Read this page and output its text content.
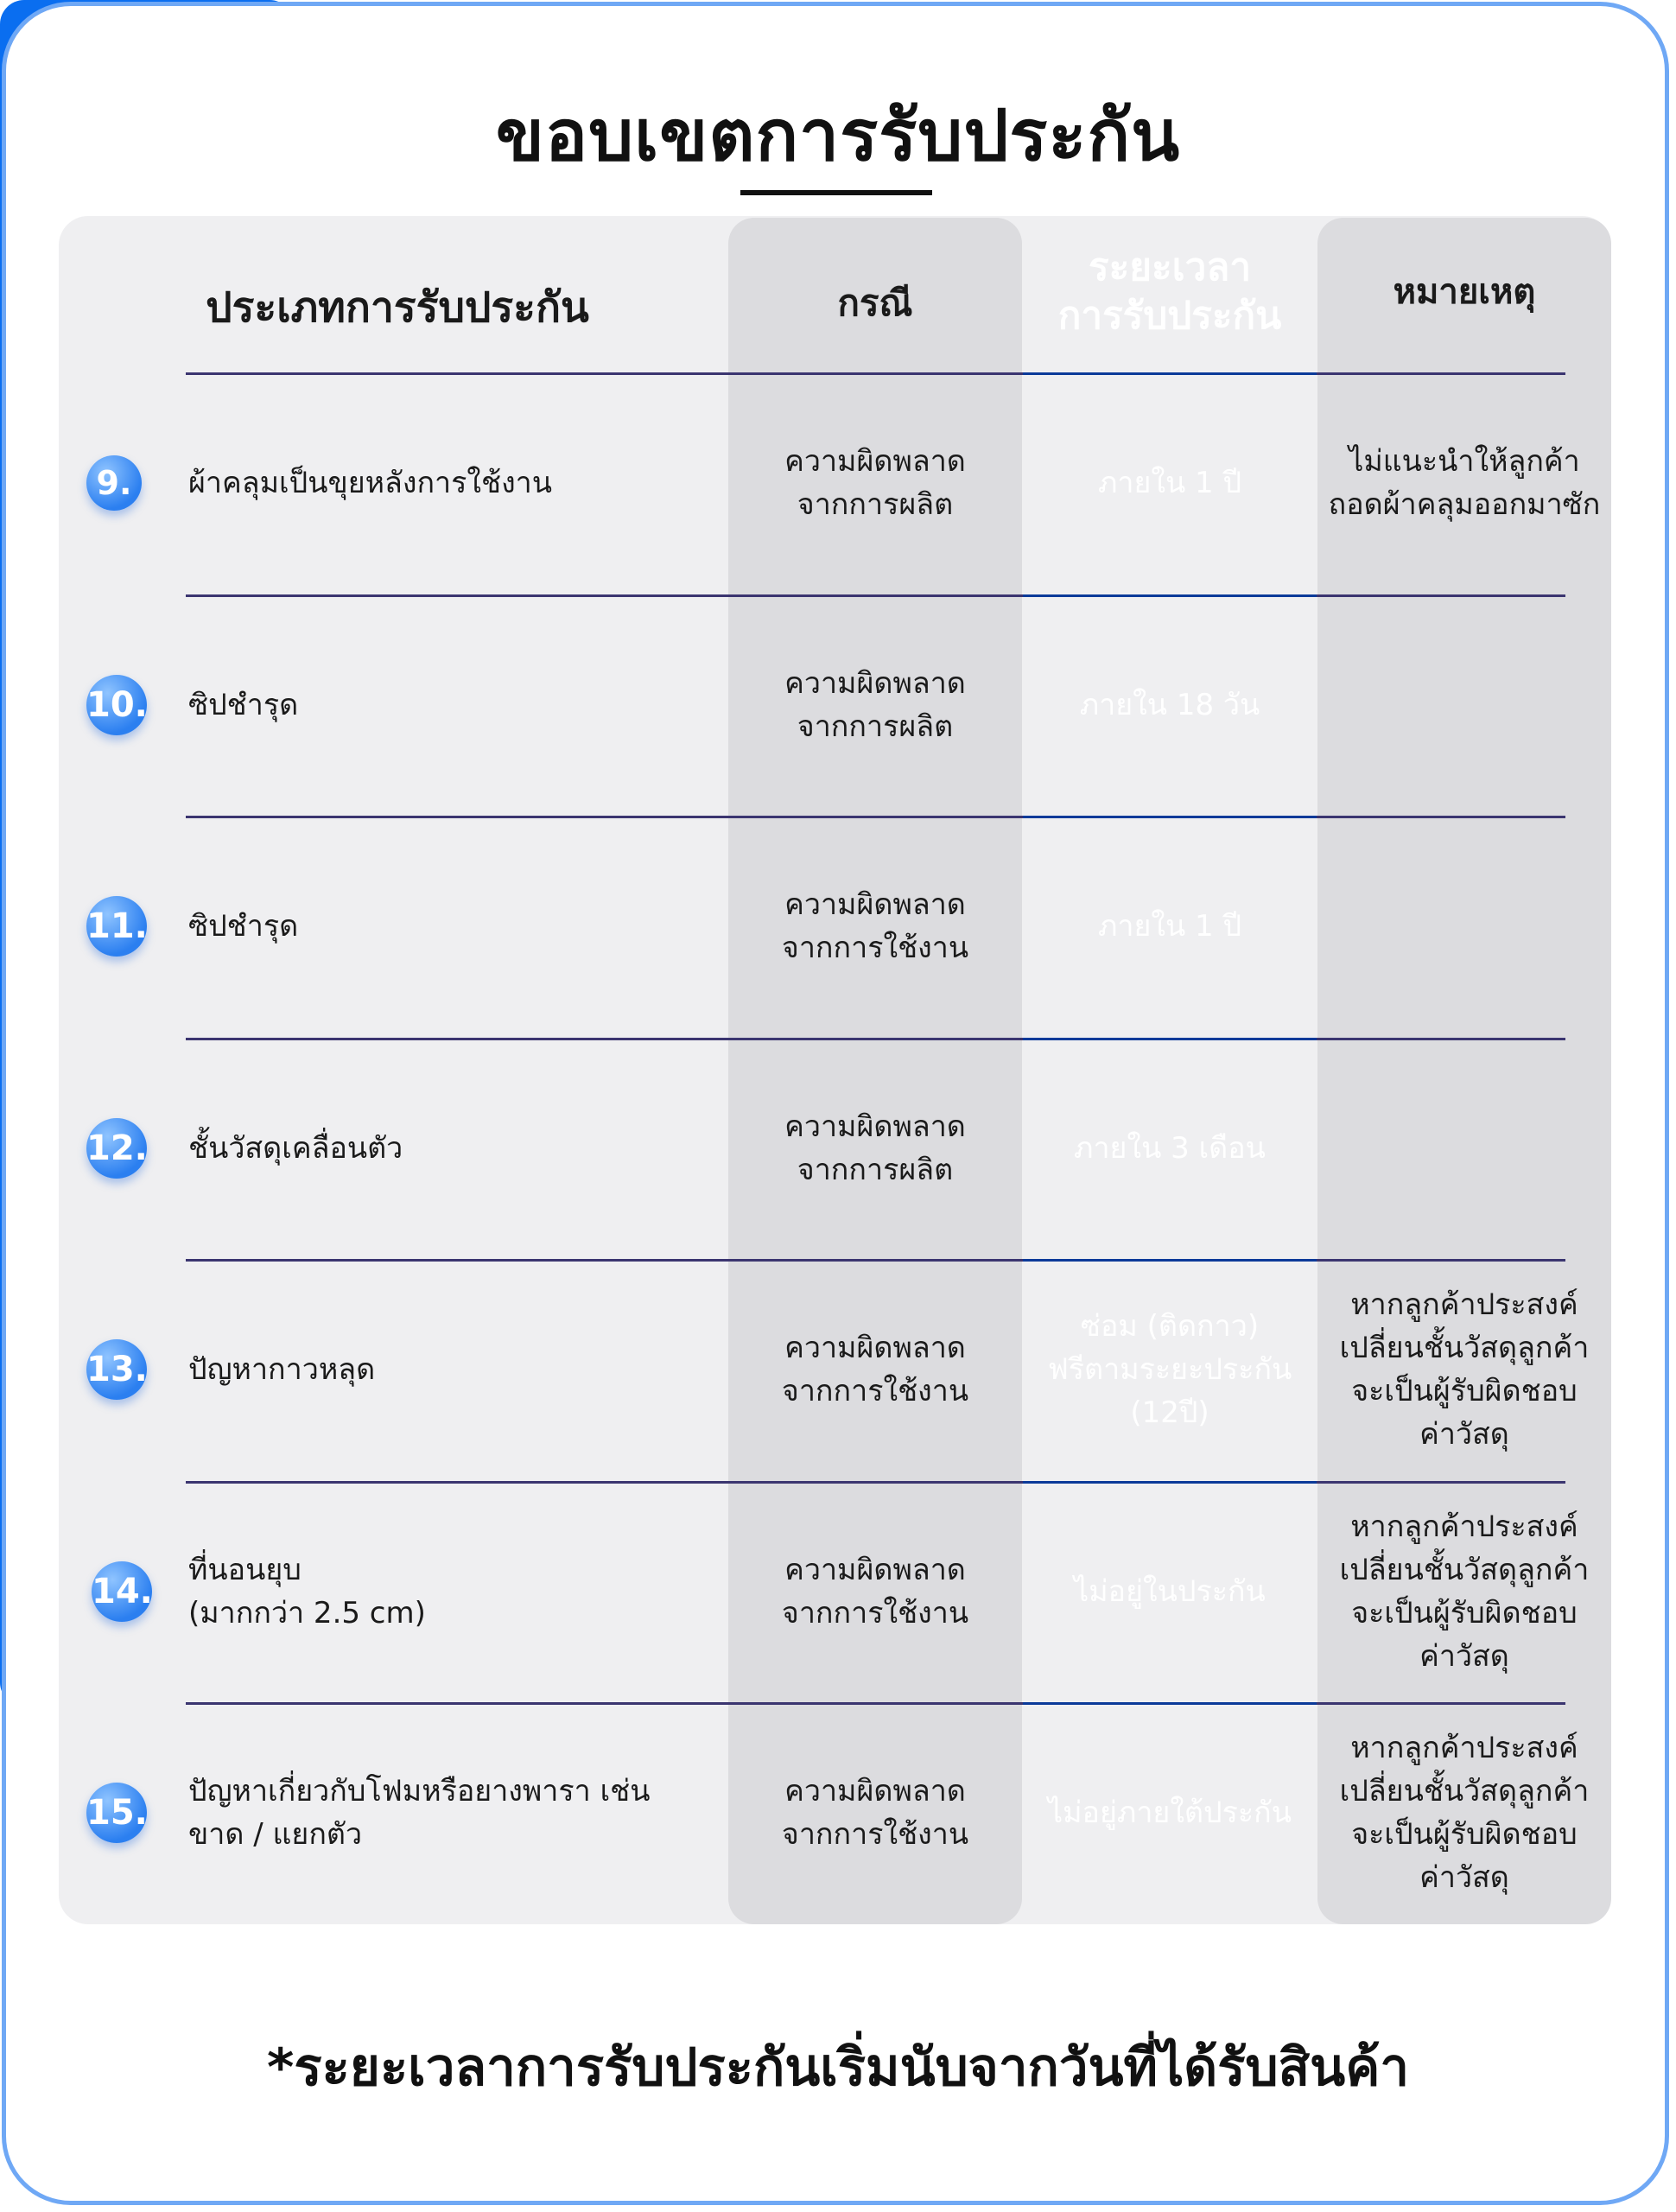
ขอบเขตการรับประกัน
ประเภทการรับประกัน	กรณี
ระยะเวลา
การรับประกัน
หมายเหตุ
9.	ผ้าคลุมเป็นขุยหลังการใช้งาน
ความผิดพลาด
จากการผลิต
ภายใน 1 ปี
ไม่แนะนำให้ลูกค้า
ถอดผ้าคลุมออกมาซัก
10. ซิปชำรุด
ความผิดพลาด
จากการผลิต
ภายใน 18 วัน
11. ซิปชำรุด
ความผิดพลาด
จากการใช้งาน
ภายใน 1 ปี
12. ชั้นวัสดุเคลื่อนตัว
ความผิดพลาด
จากการผลิต
ภายใน 3 เดือน
13. ปัญหากาวหลุด
ความผิดพลาด
จากการใช้งาน
ซ่อม (ติดกาว)
ฟรีตามระยะประกัน
(12ปี)
หากลูกค้าประสงค์
เปลี่ยนชั้นวัสดุลูกค้า
จะเป็นผู้รับผิดชอบ
ค่าวัสดุ
14.
ที่นอนยุบ
(มากกว่า 2.5 cm)
ความผิดพลาด
จากการใช้งาน
ไม่อยู่ในประกัน
หากลูกค้าประสงค์
เปลี่ยนชั้นวัสดุลูกค้า
จะเป็นผู้รับผิดชอบ
ค่าวัสดุ
15.
ปัญหาเกี่ยวกับโฟมหรือยางพารา เช่น
ขาด / แยกตัว
ความผิดพลาด
จากการใช้งาน
ไม่อยู่ภายใต้ประกัน
หากลูกค้าประสงค์
เปลี่ยนชั้นวัสดุลูกค้า
จะเป็นผู้รับผิดชอบ
ค่าวัสดุ
*ระยะเวลาการรับประกันเริ่มนับจากวันที่ได้รับสินค้า
